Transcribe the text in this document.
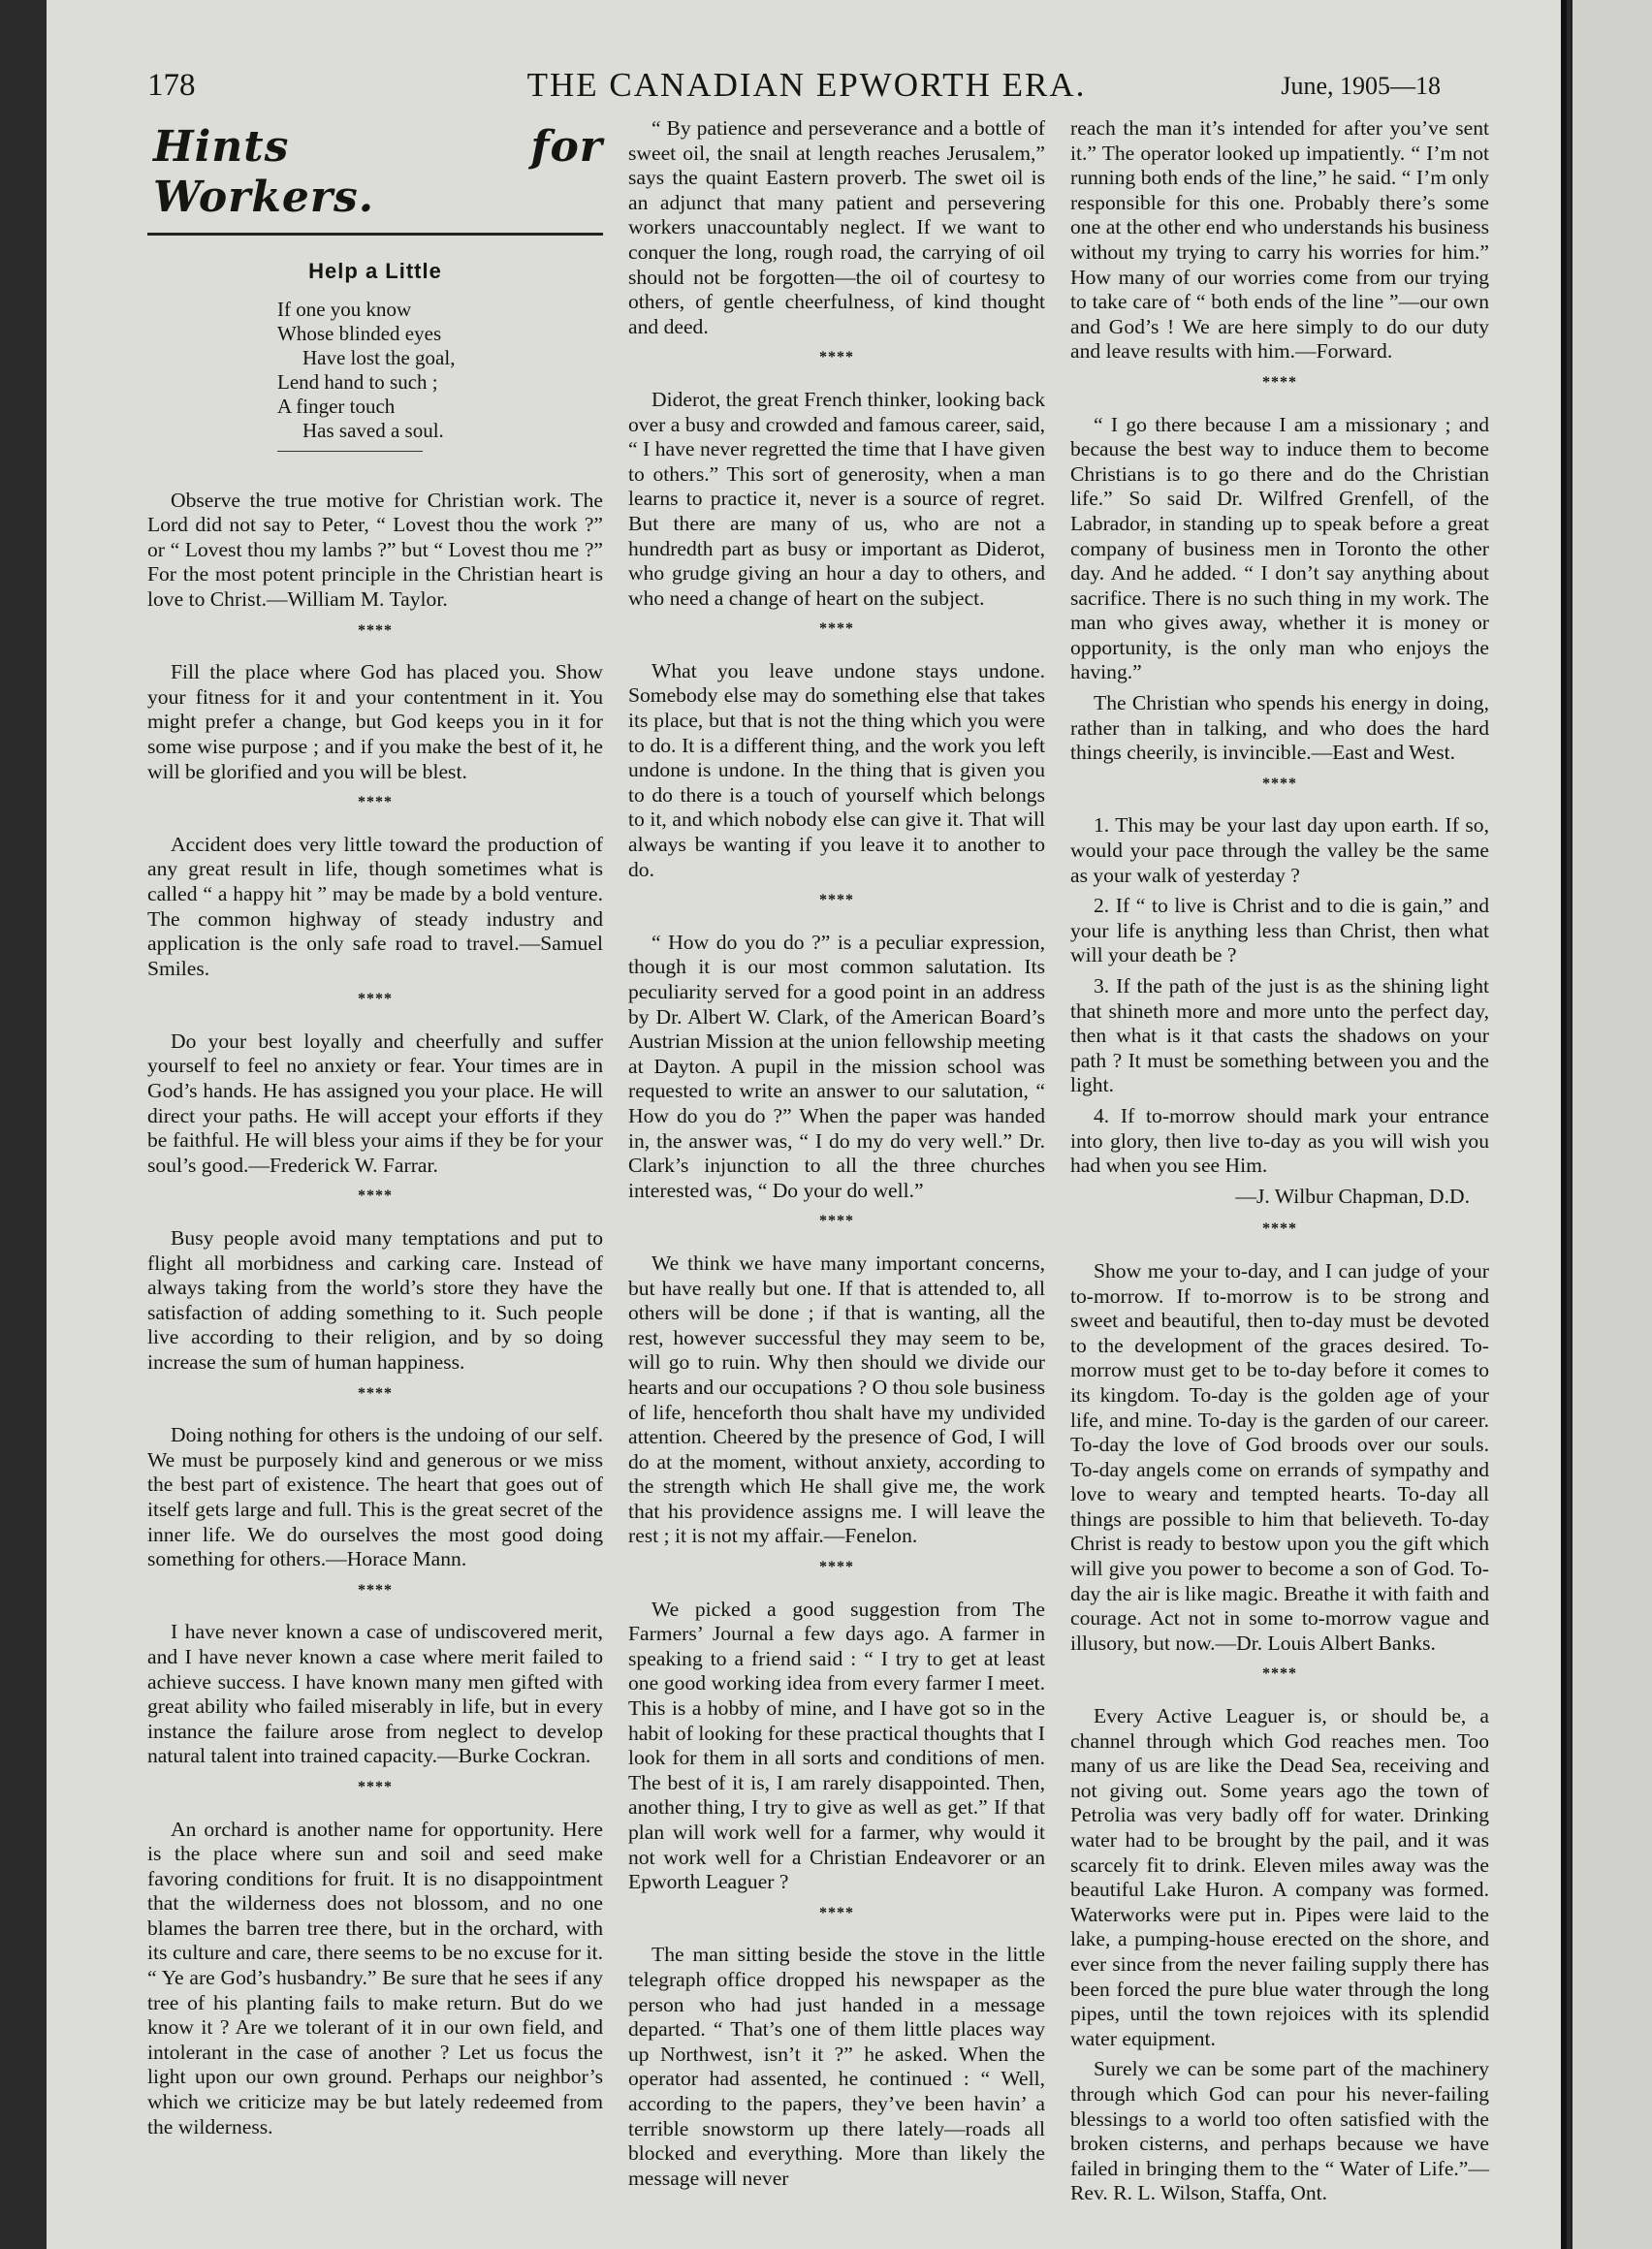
178	THE CANADIAN EPWORTH ERA.	June, 1905—18
Hints for Workers.
Help a Little
If one you know
Whose blinded eyes
Have lost the goal,
Lend hand to such ;
A finger touch
Has saved a soul.

Observe the true motive for Christian work. The Lord did not say to Peter, “ Lovest thou the work ?” or “ Lovest thou my lambs ?” but “ Lovest thou me ?” For the most potent principle in the Christian heart is love to Christ.—William M. Taylor.

****

Fill the place where God has placed you. Show your fitness for it and your contentment in it. You might prefer a change, but God keeps you in it for some wise purpose ; and if you make the best of it, he will be glorified and you will be blest.

****

Accident does very little toward the production of any great result in life, though sometimes what is called “ a happy hit ” may be made by a bold venture. The common highway of steady industry and application is the only safe road to travel.—Samuel Smiles.

****

Do your best loyally and cheerfully and suffer yourself to feel no anxiety or fear. Your times are in God’s hands. He has assigned you your place. He will direct your paths. He will accept your efforts if they be faithful. He will bless your aims if they be for your soul’s good.—Frederick W. Farrar.

****

Busy people avoid many temptations and put to flight all morbidness and carking care. Instead of always taking from the world’s store they have the satisfaction of adding something to it. Such people live according to their religion, and by so doing increase the sum of human happiness.

****

Doing nothing for others is the undoing of our self. We must be purposely kind and generous or we miss the best part of existence. The heart that goes out of itself gets large and full. This is the great secret of the inner life. We do ourselves the most good doing something for others.—Horace Mann.

****

I have never known a case of undiscovered merit, and I have never known a case where merit failed to achieve success. I have known many men gifted with great ability who failed miserably in life, but in every instance the failure arose from neglect to develop natural talent into trained capacity.—Burke Cockran.

****

An orchard is another name for opportunity. Here is the place where sun and soil and seed make favoring conditions for fruit. It is no disappointment that the wilderness does not blossom, and no one blames the barren tree there, but in the orchard, with its culture and care, there seems to be no excuse for it. “ Ye are God’s husbandry.” Be sure that he sees if any tree of his planting fails to make return. But do we know it ? Are we tolerant of it in our own field, and intolerant in the case of another ? Let us focus the light upon our own ground. Perhaps our neighbor’s which we criticize may be but lately redeemed from the wilderness.

“ By patience and perseverance and a bottle of sweet oil, the snail at length reaches Jerusalem,” says the quaint Eastern proverb. The swet oil is an adjunct that many patient and persevering workers unaccountably neglect. If we want to conquer the long, rough road, the carrying of oil should not be forgotten—the oil of courtesy to others, of gentle cheerfulness, of kind thought and deed.

****

Diderot, the great French thinker, looking back over a busy and crowded and famous career, said, “ I have never regretted the time that I have given to others.” This sort of generosity, when a man learns to practice it, never is a source of regret. But there are many of us, who are not a hundredth part as busy or important as Diderot, who grudge giving an hour a day to others, and who need a change of heart on the subject.

****

What you leave undone stays undone. Somebody else may do something else that takes its place, but that is not the thing which you were to do. It is a different thing, and the work you left undone is undone. In the thing that is given you to do there is a touch of yourself which belongs to it, and which nobody else can give it. That will always be wanting if you leave it to another to do.

****

“ How do you do ?” is a peculiar expression, though it is our most common salutation. Its peculiarity served for a good point in an address by Dr. Albert W. Clark, of the American Board’s Austrian Mission at the union fellowship meeting at Dayton. A pupil in the mission school was requested to write an answer to our salutation, “ How do you do ?” When the paper was handed in, the answer was, “ I do my do very well.” Dr. Clark’s injunction to all the three churches interested was, “ Do your do well.”

****

We think we have many important concerns, but have really but one. If that is attended to, all others will be done ; if that is wanting, all the rest, however successful they may seem to be, will go to ruin. Why then should we divide our hearts and our occupations ? O thou sole business of life, henceforth thou shalt have my undivided attention. Cheered by the presence of God, I will do at the moment, without anxiety, according to the strength which He shall give me, the work that his providence assigns me. I will leave the rest ; it is not my affair.—Fenelon.

****

We picked a good suggestion from The Farmers’ Journal a few days ago. A farmer in speaking to a friend said : “ I try to get at least one good working idea from every farmer I meet. This is a hobby of mine, and I have got so in the habit of looking for these practical thoughts that I look for them in all sorts and conditions of men. The best of it is, I am rarely disappointed. Then, another thing, I try to give as well as get.” If that plan will work well for a farmer, why would it not work well for a Christian Endeavorer or an Epworth Leaguer ?

****

The man sitting beside the stove in the little telegraph office dropped his newspaper as the person who had just handed in a message departed. “ That’s one of them little places way up Northwest, isn’t it ?” he asked. When the operator had assented, he continued : “ Well, according to the papers, they’ve been havin’ a terrible snowstorm up there lately—roads all blocked and everything. More than likely the message will never

reach the man it’s intended for after you’ve sent it.” The operator looked up impatiently. “ I’m not running both ends of the line,” he said. “ I’m only responsible for this one. Probably there’s some one at the other end who understands his business without my trying to carry his worries for him.” How many of our worries come from our trying to take care of “ both ends of the line ”—our own and God’s ! We are here simply to do our duty and leave results with him.—Forward.

****

“ I go there because I am a missionary ; and because the best way to induce them to become Christians is to go there and do the Christian life.” So said Dr. Wilfred Grenfell, of the Labrador, in standing up to speak before a great company of business men in Toronto the other day. And he added. “ I don’t say anything about sacrifice. There is no such thing in my work. The man who gives away, whether it is money or opportunity, is the only man who enjoys the having.”

The Christian who spends his energy in doing, rather than in talking, and who does the hard things cheerily, is invincible.—East and West.

****

1. This may be your last day upon earth. If so, would your pace through the valley be the same as your walk of yesterday ?

2. If “ to live is Christ and to die is gain,” and your life is anything less than Christ, then what will your death be ?

3. If the path of the just is as the shining light that shineth more and more unto the perfect day, then what is it that casts the shadows on your path ? It must be something between you and the light.

4. If to-morrow should mark your entrance into glory, then live to-day as you will wish you had when you see Him.

—J. Wilbur Chapman, D.D.
****

Show me your to-day, and I can judge of your to-morrow. If to-morrow is to be strong and sweet and beautiful, then to-day must be devoted to the development of the graces desired. To-morrow must get to be to-day before it comes to its kingdom. To-day is the golden age of your life, and mine. To-day is the garden of our career. To-day the love of God broods over our souls. To-day angels come on errands of sympathy and love to weary and tempted hearts. To-day all things are possible to him that believeth. To-day Christ is ready to bestow upon you the gift which will give you power to become a son of God. To-day the air is like magic. Breathe it with faith and courage. Act not in some to-morrow vague and illusory, but now.—Dr. Louis Albert Banks.

****

Every Active Leaguer is, or should be, a channel through which God reaches men. Too many of us are like the Dead Sea, receiving and not giving out. Some years ago the town of Petrolia was very badly off for water. Drinking water had to be brought by the pail, and it was scarcely fit to drink. Eleven miles away was the beautiful Lake Huron. A company was formed. Waterworks were put in. Pipes were laid to the lake, a pumping-house erected on the shore, and ever since from the never failing supply there has been forced the pure blue water through the long pipes, until the town rejoices with its splendid water equipment.

Surely we can be some part of the machinery through which God can pour his never-failing blessings to a world too often satisfied with the broken cisterns, and perhaps because we have failed in bringing them to the “ Water of Life.”—Rev. R. L. Wilson, Staffa, Ont.
